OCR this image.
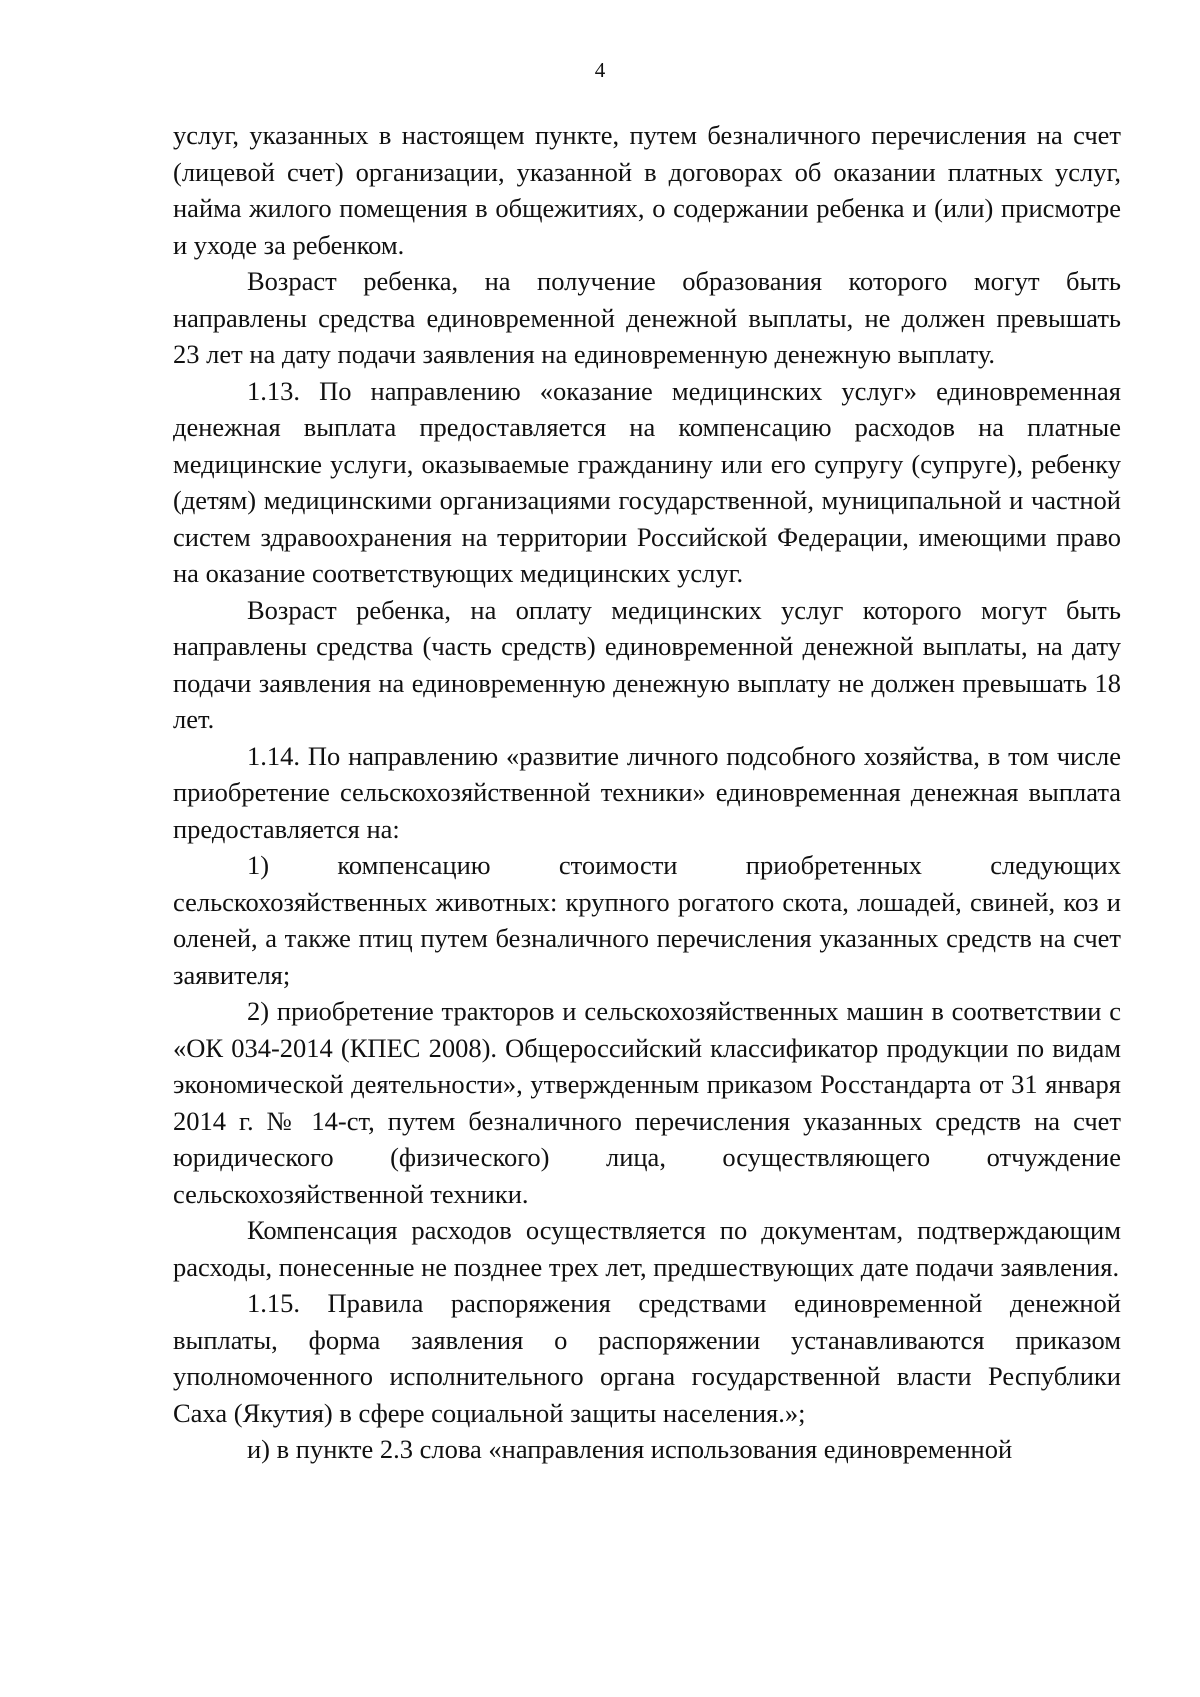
4

услуг, указанных в настоящем пункте, путем безналичного перечисления на счет (лицевой счет) организации, указанной в договорах об оказании платных услуг, найма жилого помещения в общежитиях, о содержании ребенка и (или) присмотре и уходе за ребенком.

Возраст ребенка, на получение образования которого могут быть направлены средства единовременной денежной выплаты, не должен превышать 23 лет на дату подачи заявления на единовременную денежную выплату.

1.13. По направлению «оказание медицинских услуг» единовременная денежная выплата предоставляется на компенсацию расходов на платные медицинские услуги, оказываемые гражданину или его супругу (супруге), ребенку (детям) медицинскими организациями государственной, муниципальной и частной систем здравоохранения на территории Российской Федерации, имеющими право на оказание соответствующих медицинских услуг.

Возраст ребенка, на оплату медицинских услуг которого могут быть направлены средства (часть средств) единовременной денежной выплаты, на дату подачи заявления на единовременную денежную выплату не должен превышать 18 лет.

1.14. По направлению «развитие личного подсобного хозяйства, в том числе приобретение сельскохозяйственной техники» единовременная денежная выплата предоставляется на:

1) компенсацию стоимости приобретенных следующих сельскохозяйственных животных: крупного рогатого скота, лошадей, свиней, коз и оленей, а также птиц путем безналичного перечисления указанных средств на счет заявителя;

2) приобретение тракторов и сельскохозяйственных машин в соответствии с «ОК 034-2014 (КПЕС 2008). Общероссийский классификатор продукции по видам экономической деятельности», утвержденным приказом Росстандарта от 31 января 2014 г. № 14-ст, путем безналичного перечисления указанных средств на счет юридического (физического) лица, осуществляющего отчуждение сельскохозяйственной техники.

Компенсация расходов осуществляется по документам, подтверждающим расходы, понесенные не позднее трех лет, предшествующих дате подачи заявления.

1.15. Правила распоряжения средствами единовременной денежной выплаты, форма заявления о распоряжении устанавливаются приказом уполномоченного исполнительного органа государственной власти Республики Саха (Якутия) в сфере социальной защиты населения.»;

и) в пункте 2.3 слова «направления использования единовременной
